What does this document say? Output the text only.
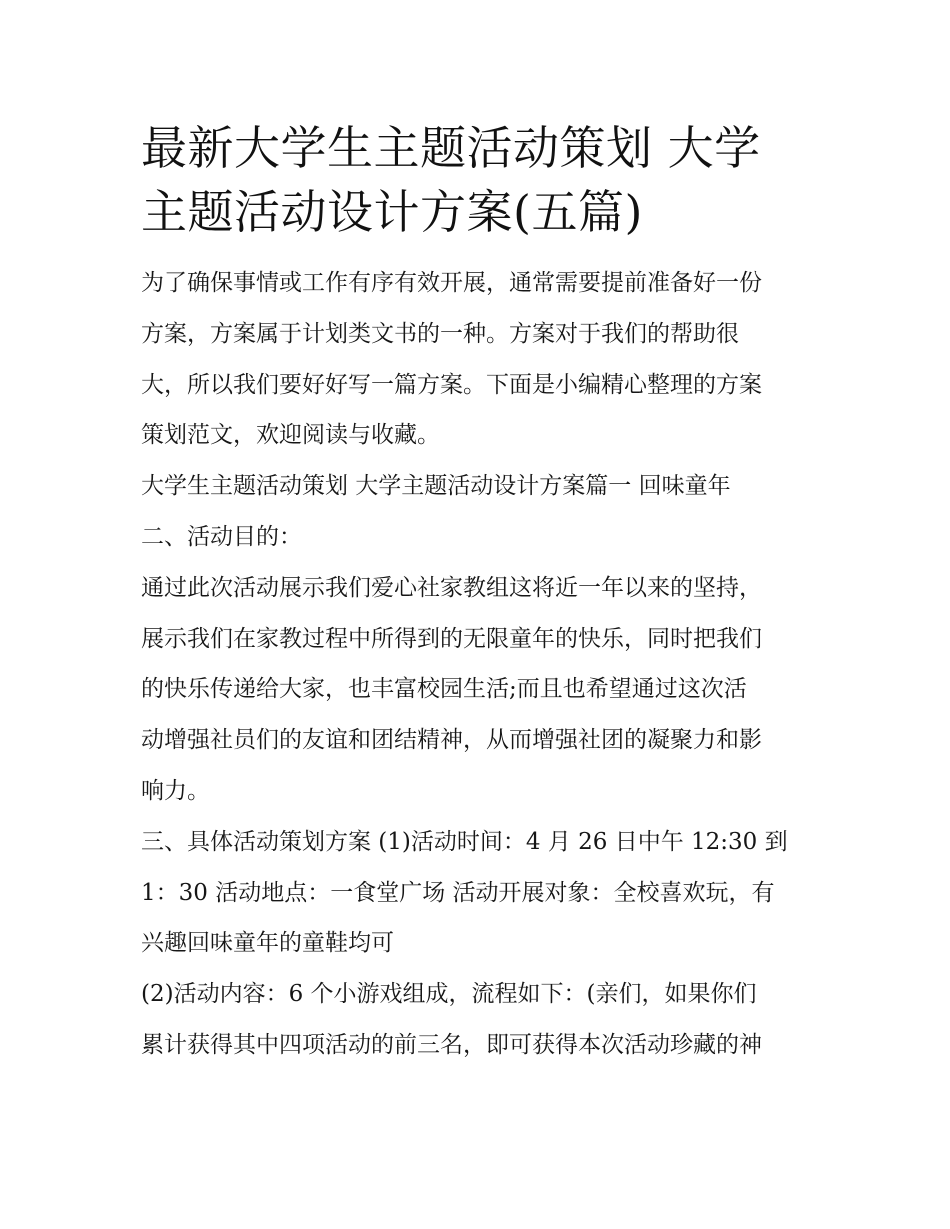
最新大学生主题活动策划 大学
主题活动设计方案(五篇)
为了确保事情或工作有序有效开展，通常需要提前准备好一份
方案，方案属于计划类文书的一种。方案对于我们的帮助很
大，所以我们要好好写一篇方案。下面是小编精心整理的方案
策划范文，欢迎阅读与收藏。
大学生主题活动策划 大学主题活动设计方案篇一 回味童年
二、活动目的：
通过此次活动展示我们爱心社家教组这将近一年以来的坚持，
展示我们在家教过程中所得到的无限童年的快乐，同时把我们
的快乐传递给大家，也丰富校园生活;而且也希望通过这次活
动增强社员们的友谊和团结精神，从而增强社团的凝聚力和影
响力。
三、具体活动策划方案 (1)活动时间：4 月 26 日中午 12:30 到
1：30 活动地点：一食堂广场 活动开展对象：全校喜欢玩，有
兴趣回味童年的童鞋均可
(2)活动内容：6 个小游戏组成，流程如下：(亲们，如果你们
累计获得其中四项活动的前三名，即可获得本次活动珍藏的神
